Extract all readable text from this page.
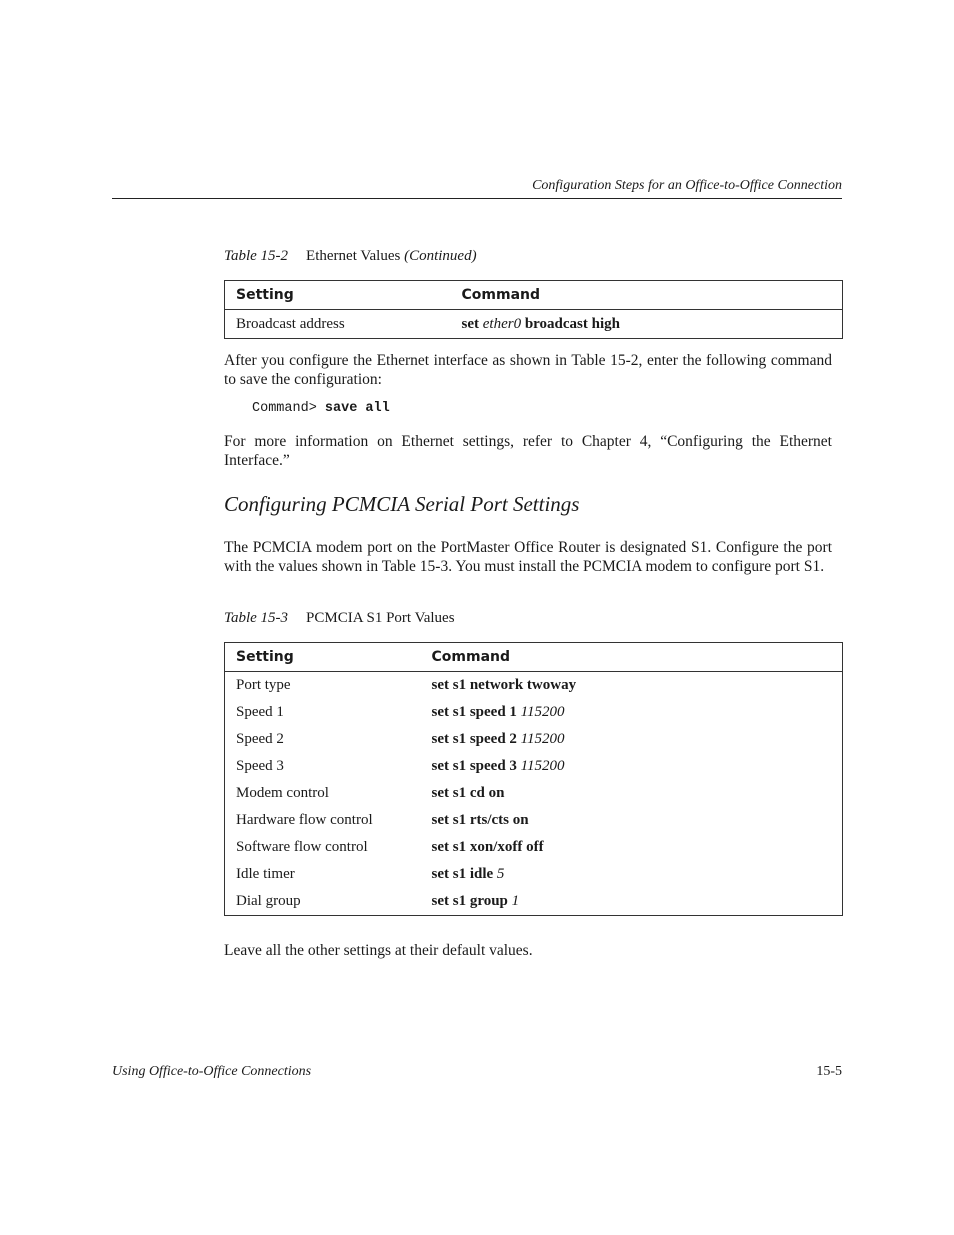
Configuration Steps for an Office-to-Office Connection
Table 15-2 Ethernet Values (Continued)
Setting	Command
Broadcast address	set ether0 broadcast high
After you configure the Ethernet interface as shown in Table 15-2, enter the following command to save the configuration:
Command> save all
For more information on Ethernet settings, refer to Chapter 4, “Configuring the Ethernet Interface.”
Configuring PCMCIA Serial Port Settings
The PCMCIA modem port on the PortMaster Office Router is designated S1. Configure the port with the values shown in Table 15-3. You must install the PCMCIA modem to configure port S1.
Table 15-3 PCMCIA S1 Port Values
Setting	Command
Port type	set s1 network twoway
Speed 1	set s1 speed 1 115200
Speed 2	set s1 speed 2 115200
Speed 3	set s1 speed 3 115200
Modem control	set s1 cd on
Hardware flow control	set s1 rts/cts on
Software flow control	set s1 xon/xoff off
Idle timer	set s1 idle 5
Dial group	set s1 group 1
Leave all the other settings at their default values.
Using Office-to-Office Connections	15-5
